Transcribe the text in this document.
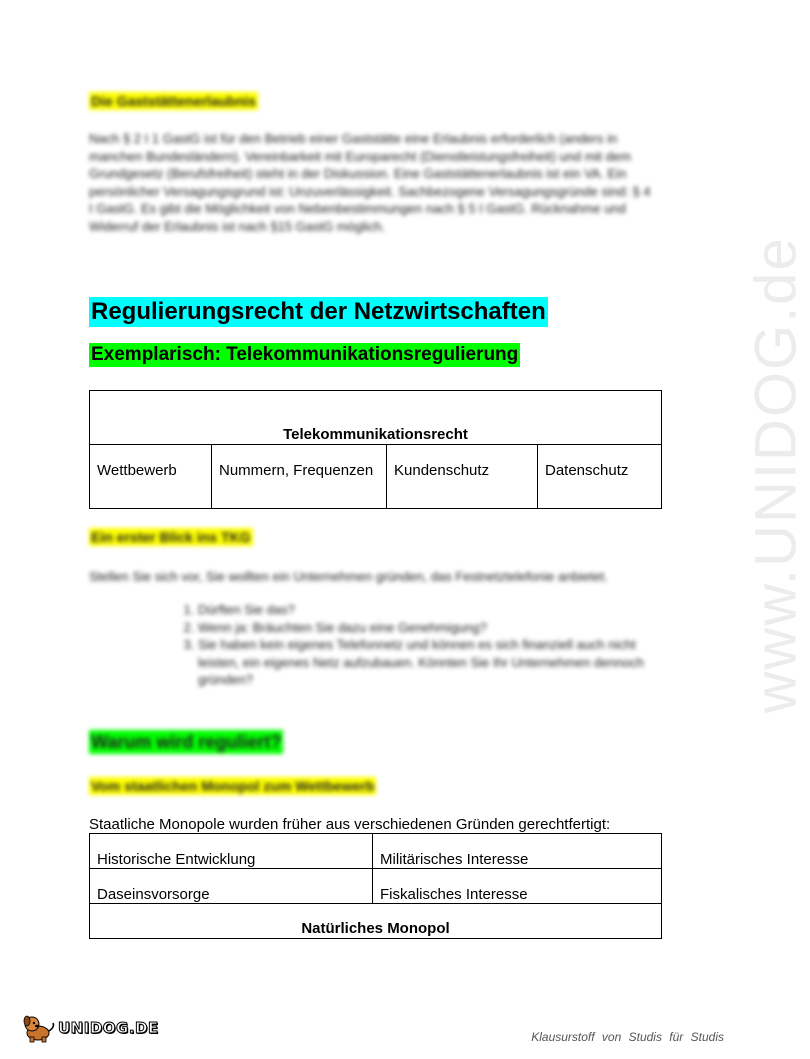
www.UNIDOG.de
Die Gaststättenerlaubnis
Nach § 2 I 1 GastG ist für den Betrieb einer Gaststätte eine Erlaubnis erforderlich (anders in manchen Bundesländern). Vereinbarkeit mit Europarecht (Dienstleistungsfreiheit) und mit dem Grundgesetz (Berufsfreiheit) steht in der Diskussion. Eine Gaststättenerlaubnis ist ein VA. Ein persönlicher Versagungsgrund ist: Unzuverlässigkeit. Sachbezogene Versagungsgründe sind: § 4 I GastG. Es gibt die Möglichkeit von Nebenbestimmungen nach § 5 I GastG. Rücknahme und Widerruf der Erlaubnis ist nach §15 GastG möglich.
Regulierungsrecht der Netzwirtschaften
Exemplarisch: Telekommunikationsregulierung
Telekommunikationsrecht
Wettbewerb	Nummern, Frequenzen	Kundenschutz	Datenschutz
Ein erster Blick ins TKG
Stellen Sie sich vor, Sie wollten ein Unternehmen gründen, das Festnetztelefonie anbietet.
1. Dürften Sie das?
2. Wenn ja: Bräuchten Sie dazu eine Genehmigung?
3. Sie haben kein eigenes Telefonnetz und können es sich finanziell auch nicht leisten, ein eigenes Netz aufzubauen. Könnten Sie Ihr Unternehmen dennoch gründen?
Warum wird reguliert?
Vom staatlichen Monopol zum Wettbewerb
Staatliche Monopole wurden früher aus verschiedenen Gründen gerechtfertigt:
Historische Entwicklung	Militärisches Interesse
Daseinsvorsorge	Fiskalisches Interesse
Natürliches Monopol	
UNIDOG.DE	Klausurstoff von Studis für Studis
